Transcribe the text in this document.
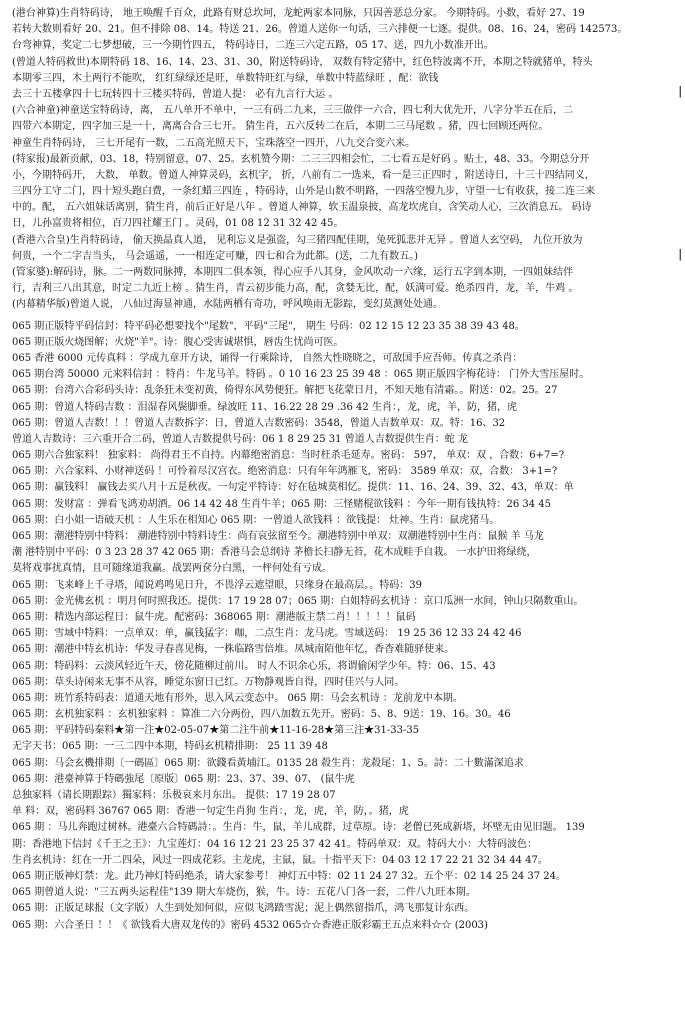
(港台神算)生肖特码诗， 地王唤醒千百众，此路有财总坎坷，龙蛇两家本同脉，只因善恶总分家。 今期特码。小数，看好 27、19
若转大数则看好 20、21。但不排除 08、14。特送 21、26。曾道人送你一句话，三六排便一七逐。提供。08、16、24，密码 142573。
台弯神算，奖定二七梦想破，三一今期竹四五， 特码诗日，二连三六定五路，05 17、送，四九小数准开出。
(曾道人特码救世)本期特码 18、16、14、23、31、30，附送特码诗， 双数有特定猪中，红色特波离不开，本期之特就猪单，特头
本期零三四，木土两行不能吹， 红红绿绿还是旺，单数特旺红与绿，单数中特蓝绿旺 ，配：欲钱
去三十五楼拿四十七玩转四十三楼买特码，曾道人提： 必有九言行大运 。
(六合神童)神童送宝特码诗，离， 五八单开不单中，一三有码二九来，三三做伴一六合，四七利大优先开，八字分半五在后，二
四带六本期定，四字加三是一十，离离合合三七开。 猜生肖，五六反转二在后，本期二三马尾数 。猪，四七回顾还两位。
神童生肖特码诗， 三七开尾有一数，二五高光照天下，宝珠落空一四开，八九交合变六来。
(特家报)最新贡献，03、18，特别留意，07、25。玄机赞今期：二三三四相会忙，二七看五是好码 。贴士，48、33。今期总分开
小，今期特码开， 大数， 单数。曾道人神算灵码，玄机字， 折，八前有二一选来，看一是三正四时 ，附送诗日，十三十四结同义，
三四分工守二门，四十短头跑白费，一条红蜡三四连 ，特码诗，山外是山数不明路，一四落空慢九步，守望一七有收获，接二连三来
中的。配， 五六姐妹话离别，猜生肖，前后正好是八年 。曾道人神算，软玉温泉披，高龙坎虎自，含笑动人心，三次消息五。 码诗
日，儿孙富贵将相位，百刀四社耀王门 。灵码，01 08 12 31 32 42 45。
(香港六合皇)生肖特码诗， 偷天换晶真人道， 见利忘义是强盗，勾三猪四配佳期，兔死狐悲并无异 。曾道人玄空码， 九位开放为
何贵，一个二字吉当头， 马会遥遥，一一相连定可赚，四七和合为此都。(送，二九有数五。)
(管家婆):解码诗，脉。二一两数同脉搏，本期四二俱本领，得心应手八其身，金风吹动一六缘，运行五字到本期，一四姐妹结伴
行，吉利三八出其意，时定二九近上榜 。猜生肖，青云初步能力高，配，贪婪无比，配，妖满可爱。绝杀四肖，龙，羊，牛鸡 。
(内幕精华版)曾道人说， 八仙过海显神通，水陆两栖有奇功，呼风唤雨无影踪，变幻莫测处处通。
065 期正版特平码信封：特平码必想要找个"尾数"，平码"三尾"， 期生 号码：02 12 15 12 23 35 38 39 43 48。
065 期正版火烧图解；火烧"羊"。诗：腹心受害诚堪惧，唇齿生忧尚可医。
065 香港 6000 元传真料 ：学成九章开方诀，诵得一行乘除诗， 自然大性晓晓之，可敌国手应吾师。传真之杀肖：
065 期台湾 50000 元来料信封 ：特肖：牛龙马羊。特码 。0 10 16 23 25 39 48 ：065 期正版四字梅花诗： 门外大雪压屋时。
065 期：台湾六合彩码头诗：乱条狂未变初黄，倚得东风势便狂。解把飞花蒙日月，不知天地有清霜。。附送：02。25。27
065 期：曾道人特码吉数 ：泪湿春风鬓脚垂。绿波旺 11、16.22 28 29 .36 42 生肖：，龙，虎，羊，防，猪，虎
065 期：曾道人吉数！！！曾道人吉数拆字：日，曾道人吉数密码：3548，曾道人吉数单双：双。特：16、32
曾道人吉数诗：三六重开合二码，曾道人吉数提供号码：06 1 8 29 25 31 曾道人吉数提供生肖：蛇 龙
065 期六合独家料！ 独家料： 尚得君王不自持。内幕绝密消息：当时枉杀毛延寿。密码： 597， 单双：双 ，合数：6+7=?
065 期：六合家料、小财神送码 ！可怜着尽汉宫衣。绝密消息：只有年年鸿雁飞，密码： 3589 单双：双，合数： 3+1=?
065 期：赢钱料！ 赢钱去买八月十五是秋夜。一句定平特诗：好在毡城莫相忆。提供：11、16、24、39、32、43，单双：单
065 期：发财富 ：弹看飞鸿劝胡酒。06 14 42 48 生肖牛羊；065 期：三怪赌棍欲钱料 ：今年一期有钱执特：26 34 45
065 期：白小姐一语破天机 ：人生乐在相知心 065 期：一曾道人欲钱料 ：欲钱提： 灶神。生肖：鼠虎猪马。
065 期：潮港特别中特料： 潮港特别中特料诗生：尚有哀弦留至今。潮港特别中单双：双潮港特别中生肖：鼠猴 羊 马龙
潮 港特别中平码：0 3 23 28 37 42 065 期：香港马会总纲诗 茅檐长扫静无苔，花木成畦手自栽。 一水护田将绿绕，
莫将戏事扰真情，且可随缘道我赢。战罢两奁分白黑，一枰何处有亏成。
065 期：飞来峰上千寻塔，闻说鸡鸣见日升，不畏浮云遮望眼，只缘身在最高层。。特码：39
065 期：金光佛玄机 ：明月何时照我还。提供：17 19 28 07；065 期：白姐特码玄机诗 ：京口瓜洲一水间，钟山只隔数重山。
065 期：精选内部运程日：鼠牛虎。配密码：368065 期：潮港版主禁二肖！！！！！鼠码
065 期：雪域中特料：一点单双：单，赢钱猛字：咖，二点生肖：龙马虎。雪域送码： 19 25 36 12 33 24 42 46
065 期：潮港中特玄机诗：华发寻春喜见梅，一株临路雪倍堆。凤城南陌他年忆，香杳难随驿使来。
065 期：特码料：云淡风轻近午天，傍花随柳过前川。 时人不识余心乐，将谓偷闲学少年。特：06、15、43
065 期：草头诗闲来无事不从容，睡觉东窗日已红。万物静观皆自得，四时佳兴与人同。
065 期：班竹系特码表：道通天地有形外，思入风云变态中。 065 期：马会玄机诗 ：龙前龙中本期。
065 期：玄机独家料 ：玄机独家料 ：算准二六分两份，四八加数五先开。密码：5、8、9送：19、16。30。46
065 期：平码特码秦料★第一注★02-05-07★第二注牛前★11-16-28★第三注★31-33-35
无字天书：065 期：一三二四中本期，特码玄机精排期： 25 11 39 48
065 期：马会玄機排期〔一碼區〕065 期：欲錢看黃埔江。0135 28 殺生肖：龙殺尾：1、5。詩：二十數滿深追求
065 期：港臺神算于特碼強尾〔原版〕065 期：23、37、39、07、 (鼠牛虎
总独家料（请长期跟踪）獨家料：乐极哀来月东出。 提供：17 19 28 07
单 料：双，密码料 36767 065 期：香港一句定生肖狗 生肖：，龙，虎，羊，防，。猪，虎
065 期 ：马儿奔跑过树林。港臺六合特碼詩：。生肖：牛，鼠，羊儿成群，过草原。诗：老僧已死成新塔，坏壁无由见旧题。 139
期：香港地下信封《千王之王》：九宝莲灯：04 16 12 21 23 25 37 42 41。特码单双：双。特码大小：大特码波色：
生肖玄机诗：红在一开二四朵，风过一四成花彩。主龙虎，主鼠，鼠。十指平天下：04 03 12 17 22 21 32 34 44 47。
065 期正版神灯禁：龙。此乃神灯特码绝杀，请大家参考！ 神灯五中特：02 11 24 27 32。五个平：02 14 25 24 37 24。
065 期曾道人说："三五两头运程佳"139 期大车烧伤，猴，牛。诗：五花八门各一套，二件八九旺本期。
065 期：正版足球报（文字版）人生到处知何似，应似飞鸿踏雪泥；泥上偶然留指爪，鸿飞那复计东西。
065 期：六合圣日 ！！《 欲钱看大唐双龙传的》密码 4532 065☆☆香港正版彩霸王五点来料☆☆ (2003)
ǀ
ǀ
